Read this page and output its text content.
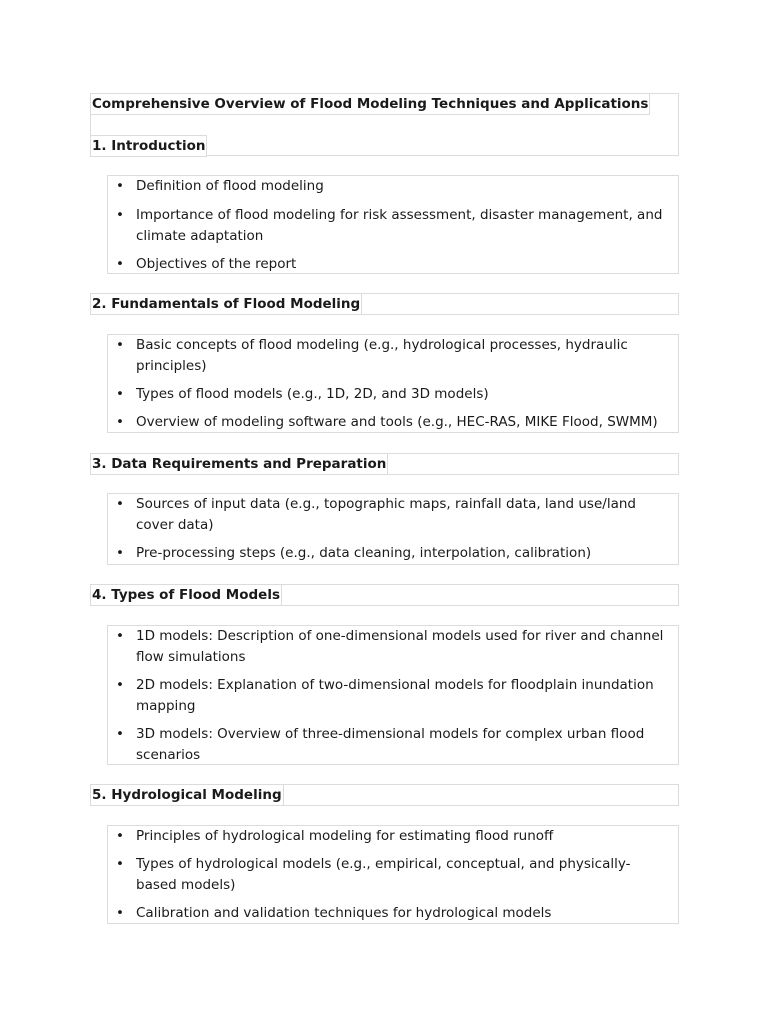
Comprehensive Overview of Flood Modeling Techniques and Applications
1. Introduction
• Definition of flood modeling
• Importance of flood modeling for risk assessment, disaster management, and climate adaptation
• Objectives of the report
2. Fundamentals of Flood Modeling
• Basic concepts of flood modeling (e.g., hydrological processes, hydraulic principles)
• Types of flood models (e.g., 1D, 2D, and 3D models)
• Overview of modeling software and tools (e.g., HEC-RAS, MIKE Flood, SWMM)
3. Data Requirements and Preparation
• Sources of input data (e.g., topographic maps, rainfall data, land use/land cover data)
• Pre-processing steps (e.g., data cleaning, interpolation, calibration)
4. Types of Flood Models
• 1D models: Description of one-dimensional models used for river and channel flow simulations
• 2D models: Explanation of two-dimensional models for floodplain inundation mapping
• 3D models: Overview of three-dimensional models for complex urban flood scenarios
5. Hydrological Modeling
• Principles of hydrological modeling for estimating flood runoff
• Types of hydrological models (e.g., empirical, conceptual, and physically-based models)
• Calibration and validation techniques for hydrological models
